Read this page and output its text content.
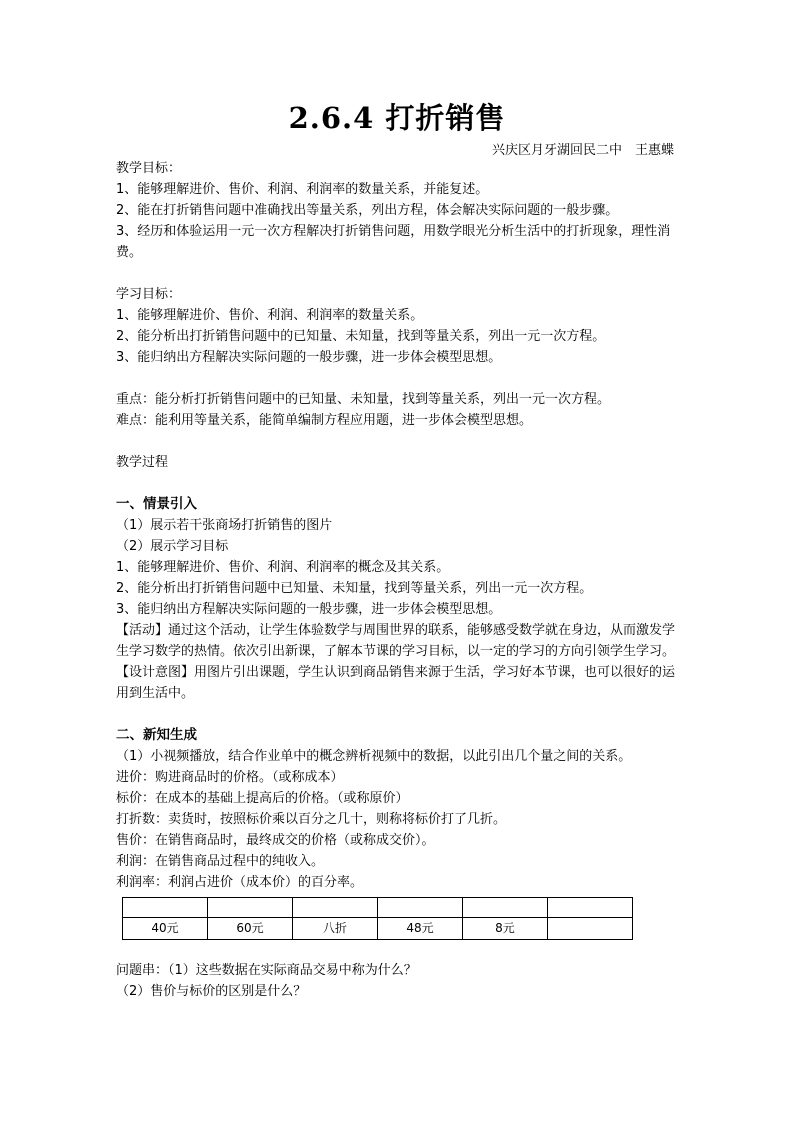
2.6.4 打折销售
兴庆区月牙湖回民二中　王惠蝶
教学目标：
1、能够理解进价、售价、利润、利润率的数量关系，并能复述。
2、能在打折销售问题中准确找出等量关系，列出方程，体会解决实际问题的一般步骤。
3、经历和体验运用一元一次方程解决打折销售问题，用数学眼光分析生活中的打折现象，理性消费。
学习目标：
1、能够理解进价、售价、利润、利润率的数量关系。
2、能分析出打折销售问题中的已知量、未知量，找到等量关系，列出一元一次方程。
3、能归纳出方程解决实际问题的一般步骤，进一步体会模型思想。
重点：能分析打折销售问题中的已知量、未知量，找到等量关系，列出一元一次方程。
难点：能利用等量关系，能简单编制方程应用题，进一步体会模型思想。
教学过程
一、情景引入
（1）展示若干张商场打折销售的图片
（2）展示学习目标
1、能够理解进价、售价、利润、利润率的概念及其关系。
2、能分析出打折销售问题中已知量、未知量，找到等量关系，列出一元一次方程。
3、能归纳出方程解决实际问题的一般步骤，进一步体会模型思想。
【活动】通过这个活动，让学生体验数学与周围世界的联系，能够感受数学就在身边，从而激发学生学习数学的热情。依次引出新课，了解本节课的学习目标，以一定的学习的方向引领学生学习。
【设计意图】用图片引出课题，学生认识到商品销售来源于生活，学习好本节课，也可以很好的运用到生活中。
二、新知生成
（1）小视频播放，结合作业单中的概念辨析视频中的数据，以此引出几个量之间的关系。
进价：购进商品时的价格。（或称成本）
标价：在成本的基础上提高后的价格。（或称原价）
打折数：卖货时，按照标价乘以百分之几十，则称将标价打了几折。
售价：在销售商品时，最终成交的价格（或称成交价）。
利润：在销售商品过程中的纯收入。
利润率：利润占进价（成本价）的百分率。

40元	60元	八折	48元	8元	
问题串：（1）这些数据在实际商品交易中称为什么？
（2）售价与标价的区别是什么？
